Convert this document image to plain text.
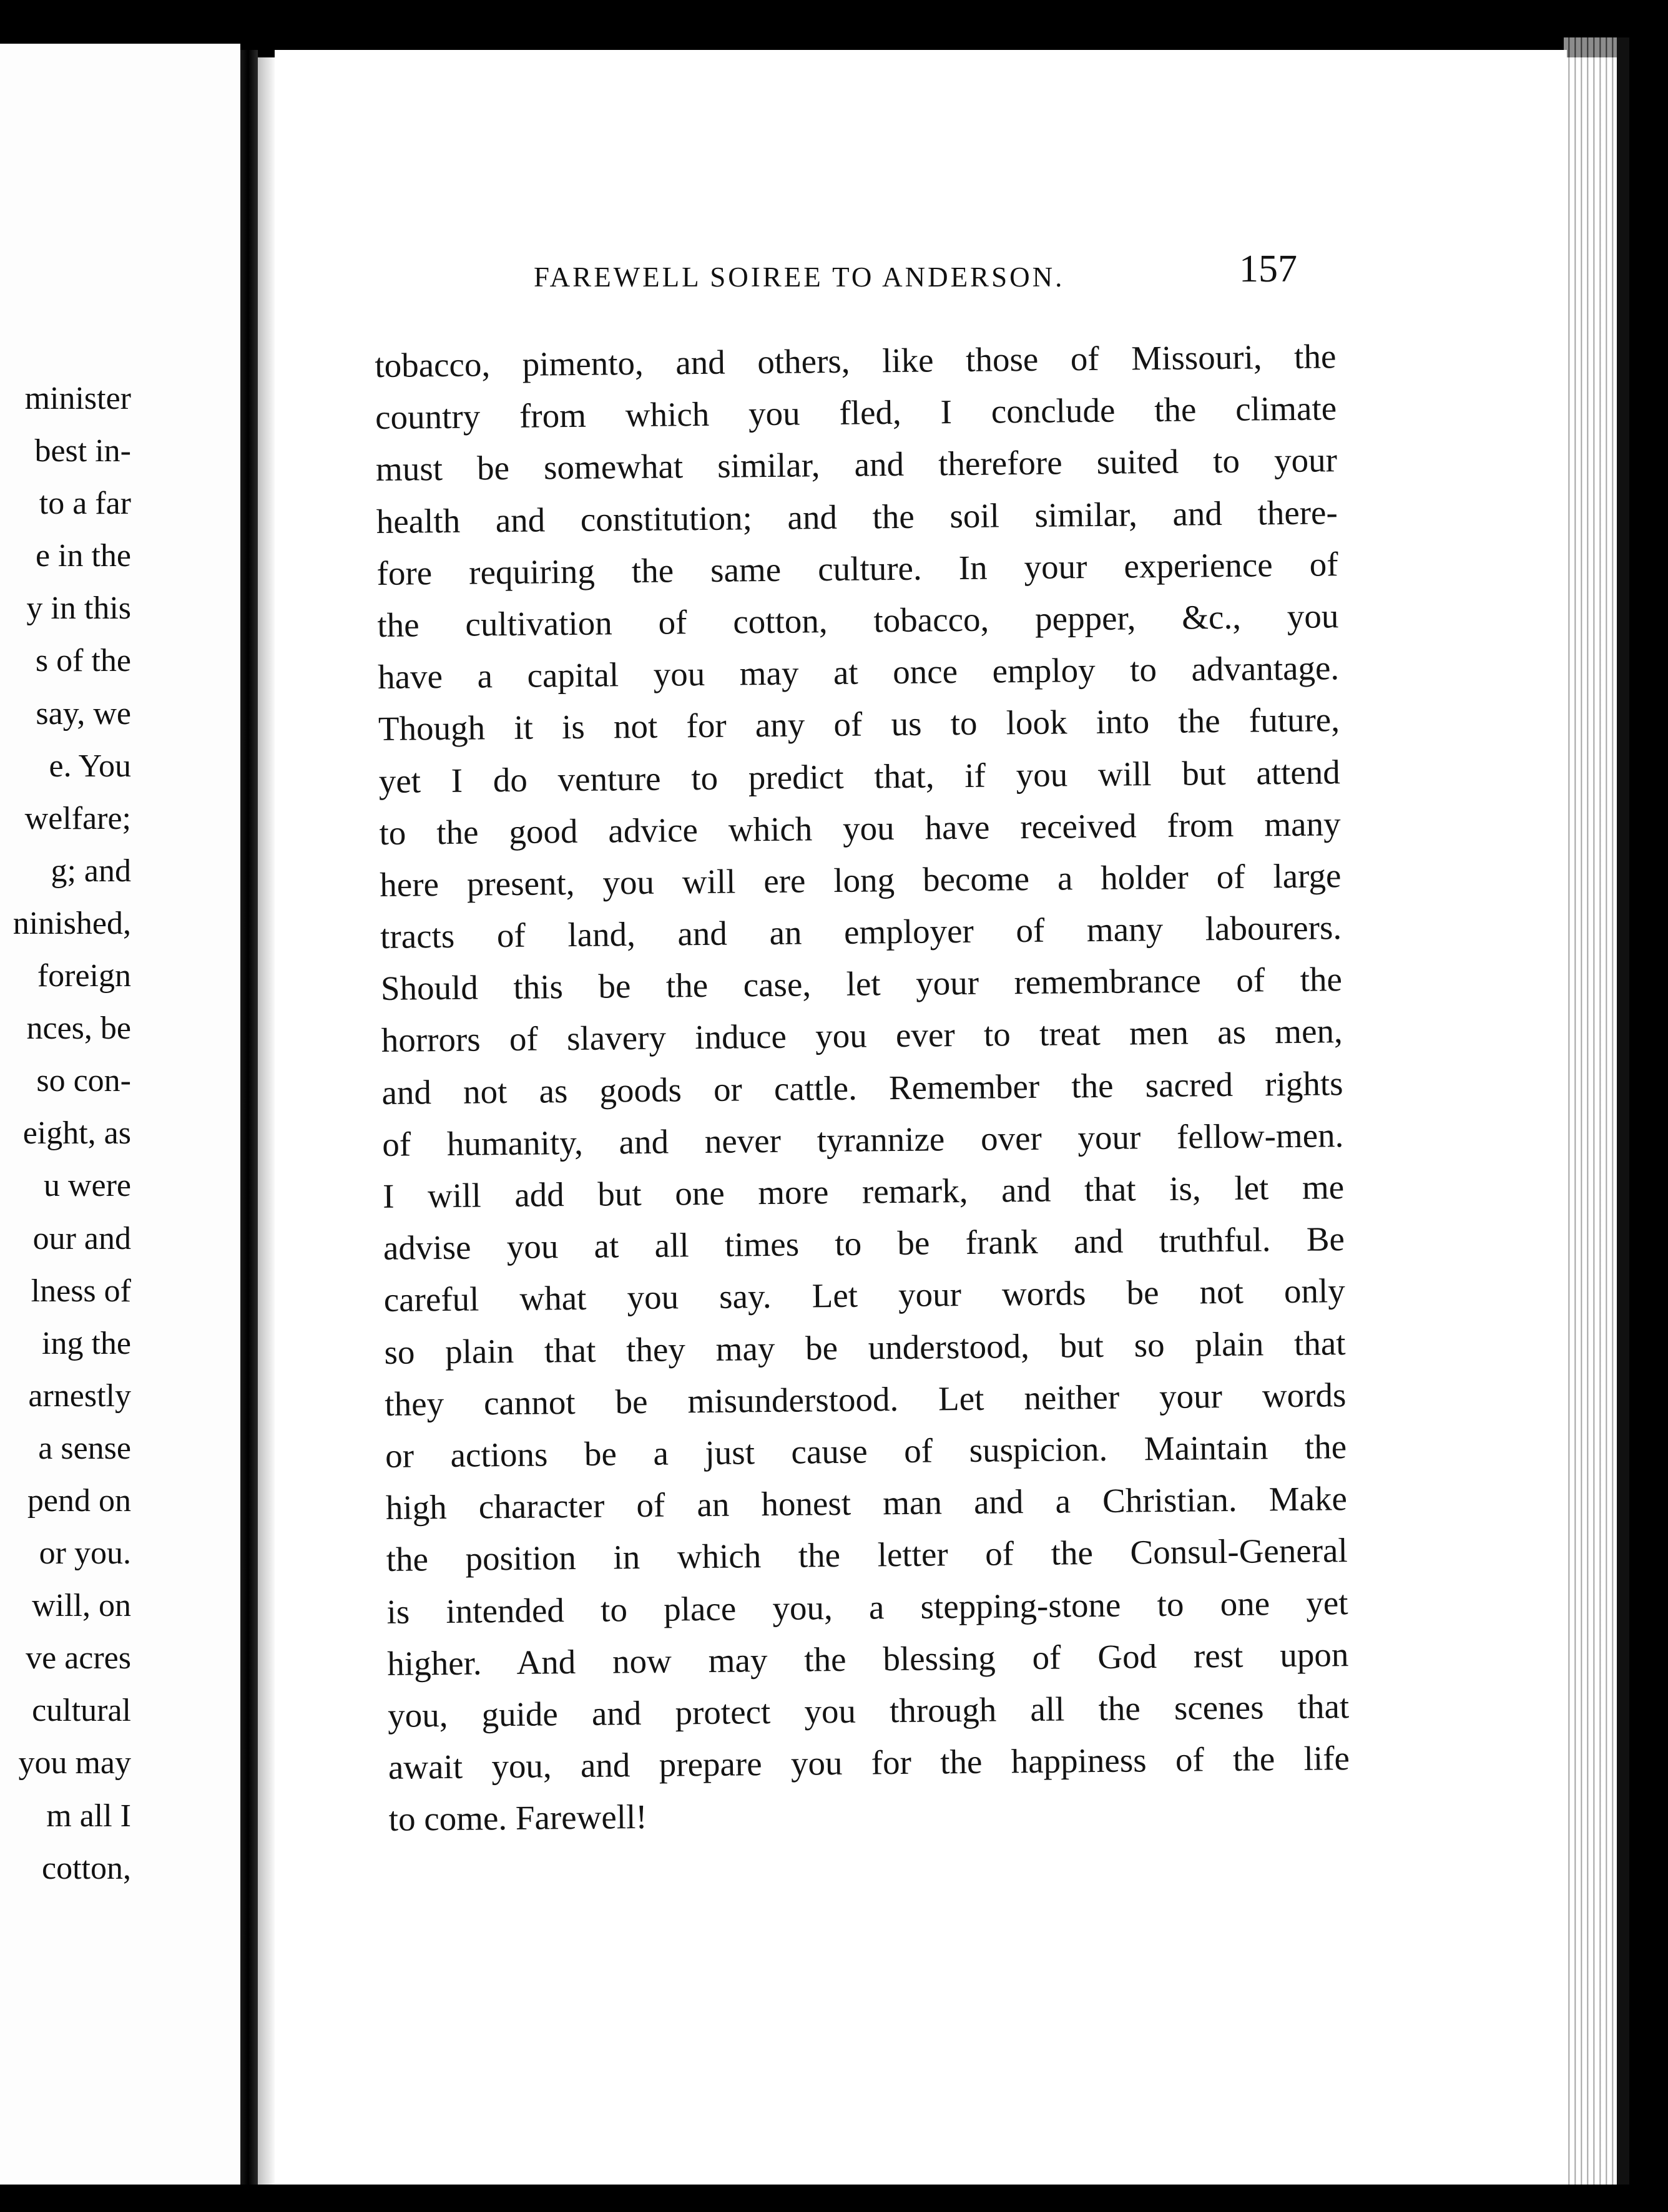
minister
best in-
to a far
e in the
y in this
s of the
say, we
e. You
welfare;
g; and
ninished,
foreign
nces, be
so con-
eight, as
u were
our and
lness of
ing the
arnestly
a sense
pend on
or you.
will, on
ve acres
cultural
you may
m all I
cotton,
FAREWELL SOIREE TO ANDERSON.	157
tobacco, pimento, and others, like those of Missouri, the
country from which you fled, I conclude the climate
must be somewhat similar, and therefore suited to your
health and constitution; and the soil similar, and there-
fore requiring the same culture. In your experience of
the cultivation of cotton, tobacco, pepper, &c., you
have a capital you may at once employ to advantage.
Though it is not for any of us to look into the future,
yet I do venture to predict that, if you will but attend
to the good advice which you have received from many
here present, you will ere long become a holder of large
tracts of land, and an employer of many labourers.
Should this be the case, let your remembrance of the
horrors of slavery induce you ever to treat men as men,
and not as goods or cattle. Remember the sacred rights
of humanity, and never tyrannize over your fellow-men.
I will add but one more remark, and that is, let me
advise you at all times to be frank and truthful. Be
careful what you say. Let your words be not only
so plain that they may be understood, but so plain that
they cannot be misunderstood. Let neither your words
or actions be a just cause of suspicion. Maintain the
high character of an honest man and a Christian. Make
the position in which the letter of the Consul-General
is intended to place you, a stepping-stone to one yet
higher. And now may the blessing of God rest upon
you, guide and protect you through all the scenes that
await you, and prepare you for the happiness of the life
to come. Farewell!
